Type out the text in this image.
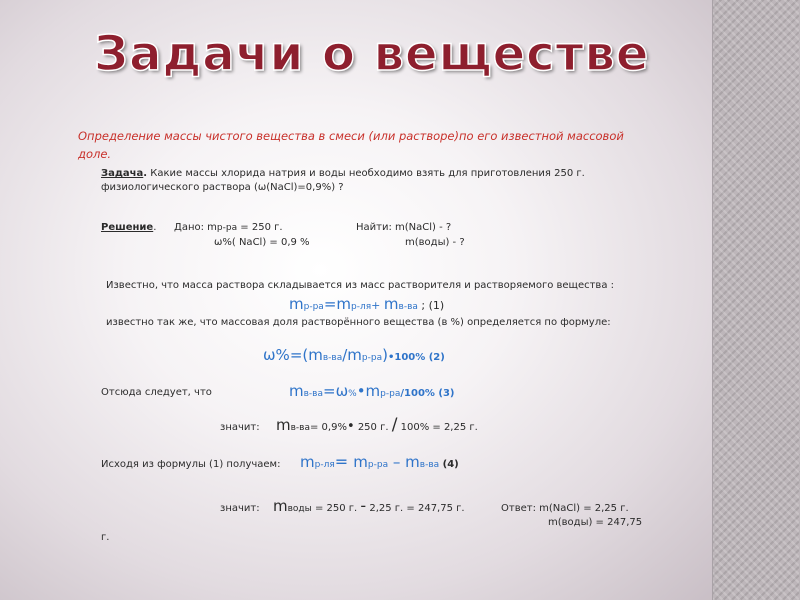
Задачи о веществе
Определение массы чистого вещества в смеси (или растворе)по его известной массовой
доле.
Задача. Какие массы хлорида натрия и воды необходимо взять для приготовления 250 г.
физиологического раствора (ω(NaCl)=0,9%) ?
Решение. Дано: mр-ра = 250 г.	Найти: m(NaCl) - ?
ω%( NaCl) = 0,9 %	m(воды) - ?
Известно, что масса раствора складывается из масс растворителя и растворяемого вещества :
mр-ра=mр-ля+ mв-ва ; (1)
известно так же, что массовая доля растворённого вещества (в %) определяется по формуле:
ω%=(mв-ва/mр-ра)•100% (2)
Отсюда следует, что	mв-ва=ω%•mр-ра/100% (3)
значит: mв-ва= 0,9%• 250 г. / 100% = 2,25 г.
Исходя из формулы (1) получаем: mр-ля= mр-ра – mв-ва (4)
значит: mводы = 250 г. - 2,25 г. = 247,75 г.	Ответ: m(NaCl) = 2,25 г.
m(воды) = 247,75
г.
